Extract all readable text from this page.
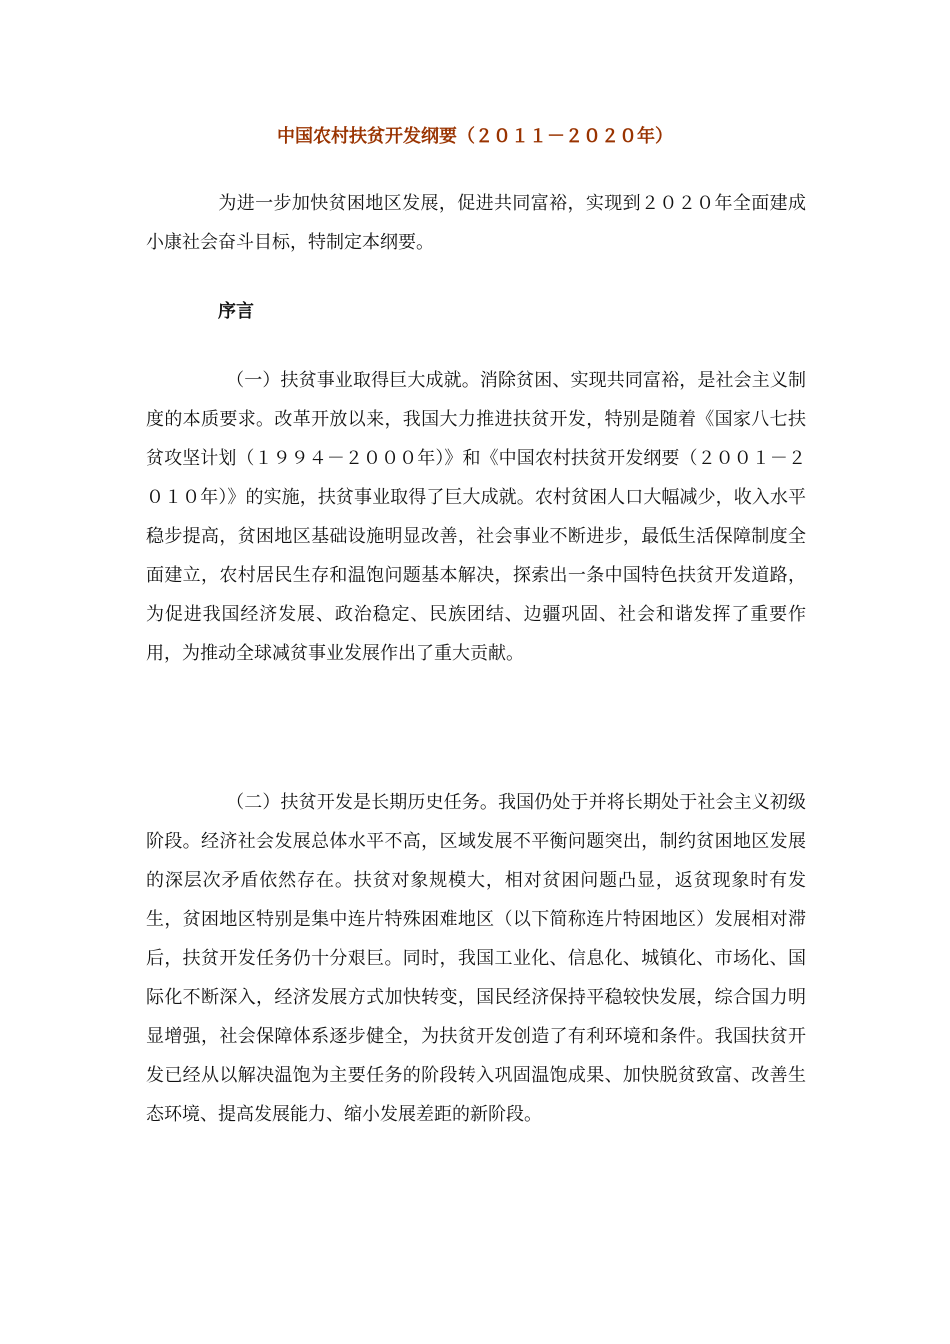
中国农村扶贫开发纲要（２０１１－２０２０年）
为进一步加快贫困地区发展，促进共同富裕，实现到２０２０年全面建成小康社会奋斗目标，特制定本纲要。
序言
（一）扶贫事业取得巨大成就。消除贫困、实现共同富裕，是社会主义制度的本质要求。改革开放以来，我国大力推进扶贫开发，特别是随着《国家八七扶贫攻坚计划（１９９４－２０００年）》和《中国农村扶贫开发纲要（２００１－２０１０年）》的实施，扶贫事业取得了巨大成就。农村贫困人口大幅减少，收入水平稳步提高，贫困地区基础设施明显改善，社会事业不断进步，最低生活保障制度全面建立，农村居民生存和温饱问题基本解决，探索出一条中国特色扶贫开发道路，为促进我国经济发展、政治稳定、民族团结、边疆巩固、社会和谐发挥了重要作用，为推动全球减贫事业发展作出了重大贡献。
（二）扶贫开发是长期历史任务。我国仍处于并将长期处于社会主义初级阶段。经济社会发展总体水平不高，区域发展不平衡问题突出，制约贫困地区发展的深层次矛盾依然存在。扶贫对象规模大，相对贫困问题凸显，返贫现象时有发生，贫困地区特别是集中连片特殊困难地区（以下简称连片特困地区）发展相对滞后，扶贫开发任务仍十分艰巨。同时，我国工业化、信息化、城镇化、市场化、国际化不断深入，经济发展方式加快转变，国民经济保持平稳较快发展，综合国力明显增强，社会保障体系逐步健全，为扶贫开发创造了有利环境和条件。我国扶贫开发已经从以解决温饱为主要任务的阶段转入巩固温饱成果、加快脱贫致富、改善生态环境、提高发展能力、缩小发展差距的新阶段。
